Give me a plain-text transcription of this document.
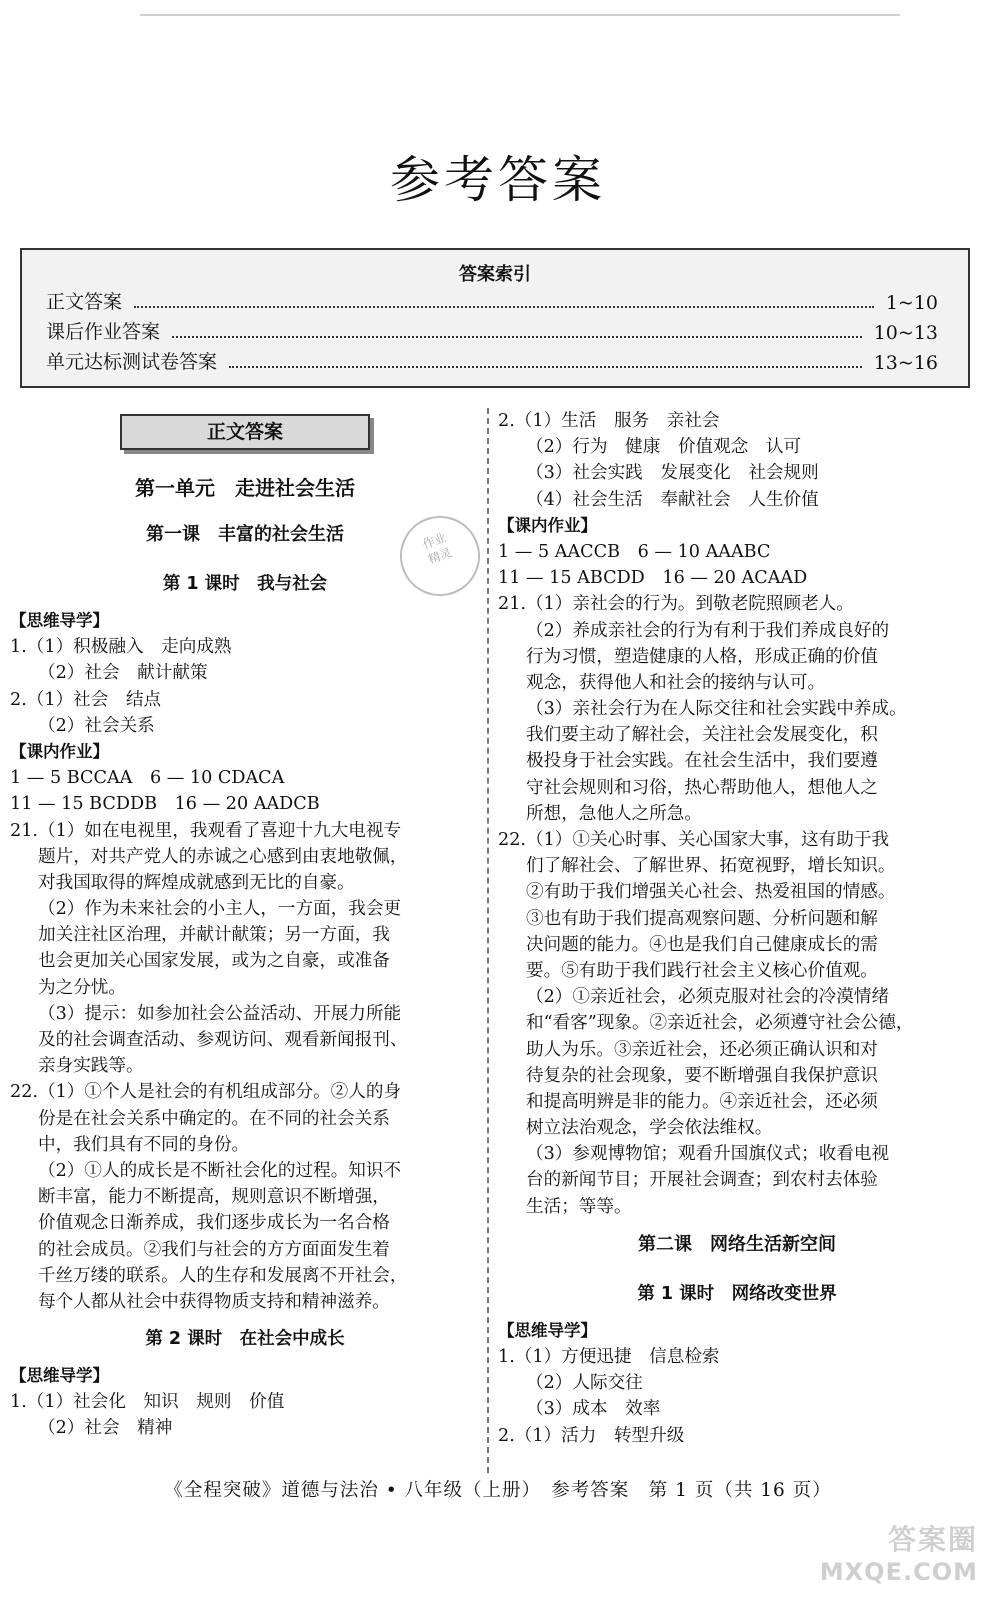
参考答案
答案索引
正文答案	1~10
课后作业答案	10~13
单元达标测试卷答案	13~16
作业
精灵
正文答案
第一单元　走进社会生活
第一课　丰富的社会生活
第 1 课时　我与社会
【思维导学】
1.（1）积极融入　走向成熟
（2）社会　献计献策
2.（1）社会　结点
（2）社会关系
【课内作业】
1 — 5 BCCAA　6 — 10 CDACA
11 — 15 BCDDB　16 — 20 AADCB
21.（1）如在电视里，我观看了喜迎十九大电视专
题片，对共产党人的赤诚之心感到由衷地敬佩，
对我国取得的辉煌成就感到无比的自豪。
（2）作为未来社会的小主人，一方面，我会更
加关注社区治理，并献计献策；另一方面，我
也会更加关心国家发展，或为之自豪，或准备
为之分忧。
（3）提示：如参加社会公益活动、开展力所能
及的社会调查活动、参观访问、观看新闻报刊、
亲身实践等。
22.（1）①个人是社会的有机组成部分。②人的身
份是在社会关系中确定的。在不同的社会关系
中，我们具有不同的身份。
（2）①人的成长是不断社会化的过程。知识不
断丰富，能力不断提高，规则意识不断增强，
价值观念日渐养成，我们逐步成长为一名合格
的社会成员。②我们与社会的方方面面发生着
千丝万缕的联系。人的生存和发展离不开社会，
每个人都从社会中获得物质支持和精神滋养。
第 2 课时　在社会中成长
【思维导学】
1.（1）社会化　知识　规则　价值
（2）社会　精神
2.（1）生活　服务　亲社会
（2）行为　健康　价值观念　认可
（3）社会实践　发展变化　社会规则
（4）社会生活　奉献社会　人生价值
【课内作业】
1 — 5 AACCB　6 — 10 AAABC
11 — 15 ABCDD　16 — 20 ACAAD
21.（1）亲社会的行为。到敬老院照顾老人。
（2）养成亲社会的行为有利于我们养成良好的
行为习惯，塑造健康的人格，形成正确的价值
观念，获得他人和社会的接纳与认可。
（3）亲社会行为在人际交往和社会实践中养成。
我们要主动了解社会，关注社会发展变化，积
极投身于社会实践。在社会生活中，我们要遵
守社会规则和习俗，热心帮助他人，想他人之
所想，急他人之所急。
22.（1）①关心时事、关心国家大事，这有助于我
们了解社会、了解世界、拓宽视野，增长知识。
②有助于我们增强关心社会、热爱祖国的情感。
③也有助于我们提高观察问题、分析问题和解
决问题的能力。④也是我们自己健康成长的需
要。⑤有助于我们践行社会主义核心价值观。
（2）①亲近社会，必须克服对社会的冷漠情绪
和“看客”现象。②亲近社会，必须遵守社会公德，
助人为乐。③亲近社会，还必须正确认识和对
待复杂的社会现象，要不断增强自我保护意识
和提高明辨是非的能力。④亲近社会，还必须
树立法治观念，学会依法维权。
（3）参观博物馆；观看升国旗仪式；收看电视
台的新闻节目；开展社会调查；到农村去体验
生活；等等。
第二课　网络生活新空间
第 1 课时　网络改变世界
【思维导学】
1.（1）方便迅捷　信息检索
（2）人际交往
（3）成本　效率
2.（1）活力　转型升级
《全程突破》道德与法治 • 八年级（上册）　参考答案　第 1 页（共 16 页）
答案圈
MXQE.COM
